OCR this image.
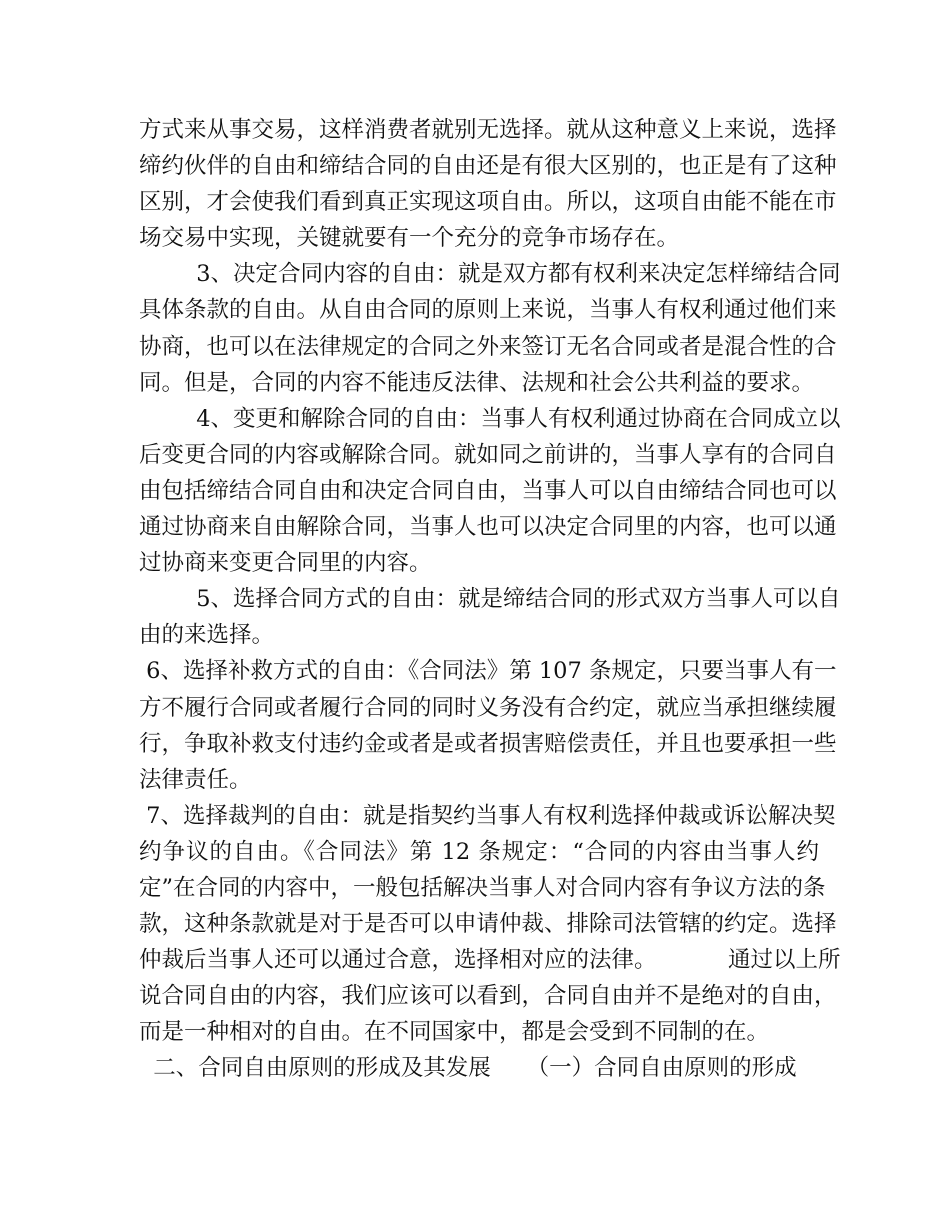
方式来从事交易，这样消费者就别无选择。就从这种意义上来说，选择
缔约伙伴的自由和缔结合同的自由还是有很大区别的，也正是有了这种
区别，才会使我们看到真正实现这项自由。所以，这项自由能不能在市
场交易中实现，关键就要有一个充分的竞争市场存在。
3、决定合同内容的自由：就是双方都有权利来决定怎样缔结合同
具体条款的自由。从自由合同的原则上来说，当事人有权利通过他们来
协商，也可以在法律规定的合同之外来签订无名合同或者是混合性的合
同。但是，合同的内容不能违反法律、法规和社会公共利益的要求。
4、变更和解除合同的自由：当事人有权利通过协商在合同成立以
后变更合同的内容或解除合同。就如同之前讲的，当事人享有的合同自
由包括缔结合同自由和决定合同自由，当事人可以自由缔结合同也可以
通过协商来自由解除合同，当事人也可以决定合同里的内容，也可以通
过协商来变更合同里的内容。
5、选择合同方式的自由：就是缔结合同的形式双方当事人可以自
由的来选择。
6、选择补救方式的自由：《合同法》第 107 条规定，只要当事人有一
方不履行合同或者履行合同的同时义务没有合约定，就应当承担继续履
行，争取补救支付违约金或者是或者损害赔偿责任，并且也要承担一些
法律责任。
7、选择裁判的自由：就是指契约当事人有权利选择仲裁或诉讼解决契
约争议的自由。《合同法》第 12 条规定：“合同的内容由当事人约
定”在合同的内容中，一般包括解决当事人对合同内容有争议方法的条
款，这种条款就是对于是否可以申请仲裁、排除司法管辖的约定。选择
仲裁后当事人还可以通过合意，选择相对应的法律。          通过以上所
说合同自由的内容，我们应该可以看到，合同自由并不是绝对的自由，
而是一种相对的自由。在不同国家中，都是会受到不同制的在。
二、合同自由原则的形成及其发展     （一）合同自由原则的形成
